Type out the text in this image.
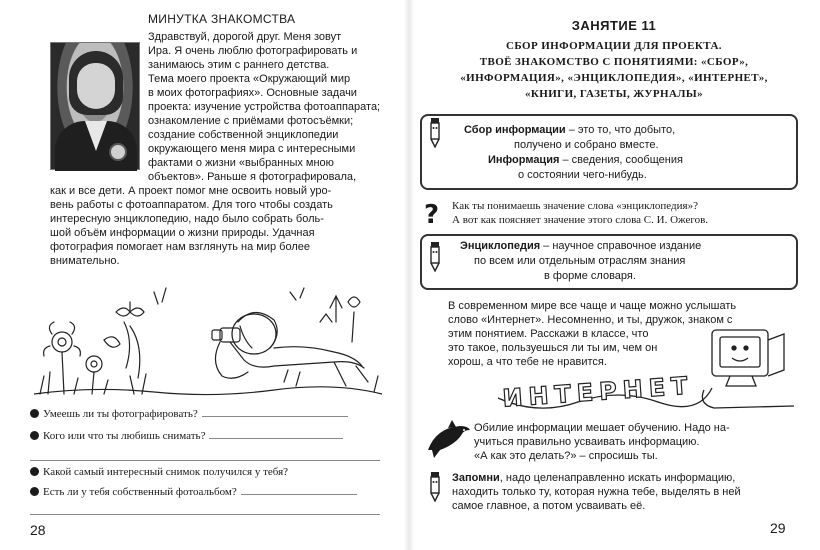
МИНУТКА ЗНАКОМСТВА
Здравствуй, дорогой друг. Меня зовут
Ира. Я очень люблю фотографировать и
занимаюсь этим с раннего детства.
Тема моего проекта «Окружающий мир
в моих фотографиях». Основные задачи
проекта: изучение устройства фотоаппарата;
ознакомление с приёмами фотосъёмки;
создание собственной энциклопедии
окружающего меня мира с интересными
фактами о жизни «выбранных мною
объектов». Раньше я фотографировала,
как и все дети. А проект помог мне освоить новый уро-
вень работы с фотоаппаратом. Для того чтобы создать
интересную энциклопедию, надо было собрать боль-
шой объём информации о жизни природы. Удачная
фотография помогает нам взглянуть на мир более
внимательно.
Умеешь ли ты фотографировать?
Кого или что ты любишь снимать?
Какой самый интересный снимок получился у тебя?
Есть ли у тебя собственный фотоальбом?
28
ЗАНЯТИЕ 11
СБОР ИНФОРМАЦИИ ДЛЯ ПРОЕКТА.
ТВОЁ ЗНАКОМСТВО С ПОНЯТИЯМИ: «СБОР»,
«ИНФОРМАЦИЯ», «ЭНЦИКЛОПЕДИЯ», «ИНТЕРНЕТ»,
«КНИГИ, ГАЗЕТЫ, ЖУРНАЛЫ»
Сбор информации – это то, что добыто,
получено и собрано вместе.
Информация – сведения, сообщения
о состоянии чего-нибудь.
? Как ты понимаешь значение слова «энциклопедия»?
А вот как поясняет значение этого слова С. И. Ожегов.
Энциклопедия – научное справочное издание
по всем или отдельным отраслям знания
в форме словаря.
В современном мире все чаще и чаще можно услышать
слово «Интернет». Несомненно, и ты, дружок, знаком с
этим понятием. Расскажи в классе, что
это такое, пользуешься ли ты им, чем он
хорош, а что тебе не нравится.
ИНТЕРНЕТ
Обилие информации мешает обучению. Надо на-
учиться правильно усваивать информацию.
«А как это делать?» – спросишь ты.
Запомни, надо целенаправленно искать информацию,
находить только ту, которая нужна тебе, выделять в ней
самое главное, а потом усваивать её.
29
